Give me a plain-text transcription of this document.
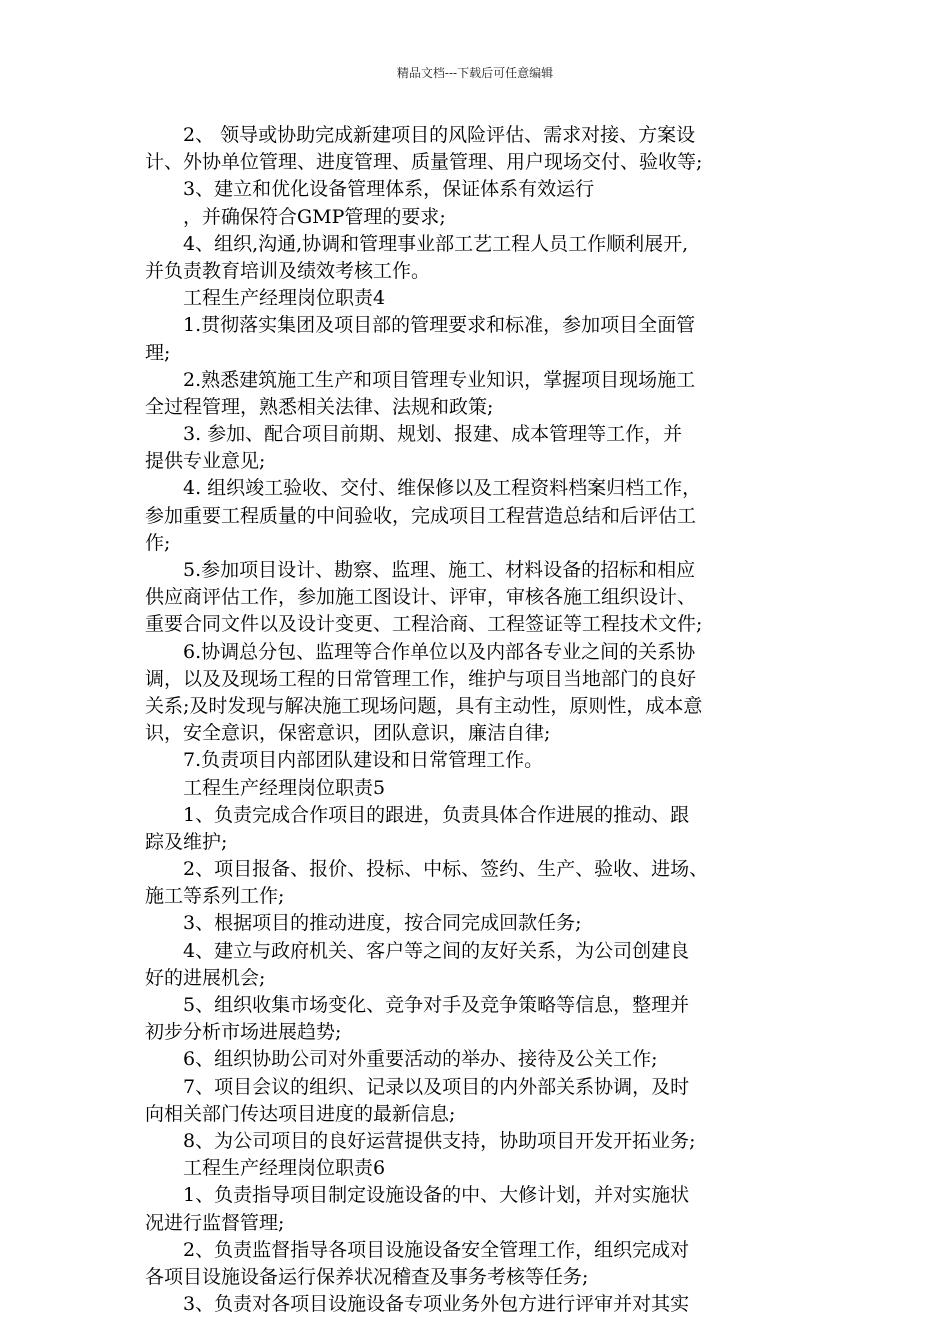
精品文档---下载后可任意编辑
　　2、 领导或协助完成新建项目的风险评估、需求对接、方案设
计、外协单位管理、进度管理、质量管理、用户现场交付、验收等;
　　3、建立和优化设备管理体系，保证体系有效运行
　　，并确保符合GMP管理的要求;
　　4、组织,沟通,协调和管理事业部工艺工程人员工作顺利展开,
并负责教育培训及绩效考核工作。
　　工程生产经理岗位职责4
　　1.贯彻落实集团及项目部的管理要求和标准，参加项目全面管
理;
　　2.熟悉建筑施工生产和项目管理专业知识，掌握项目现场施工
全过程管理，熟悉相关法律、法规和政策;
　　3. 参加、配合项目前期、规划、报建、成本管理等工作，并
提供专业意见;
　　4. 组织竣工验收、交付、维保修以及工程资料档案归档工作，
参加重要工程质量的中间验收，完成项目工程营造总结和后评估工
作;
　　5.参加项目设计、勘察、监理、施工、材料设备的招标和相应
供应商评估工作，参加施工图设计、评审，审核各施工组织设计、
重要合同文件以及设计变更、工程洽商、工程签证等工程技术文件;
　　6.协调总分包、监理等合作单位以及内部各专业之间的关系协
调，以及及现场工程的日常管理工作，维护与项目当地部门的良好
关系;及时发现与解决施工现场问题，具有主动性，原则性，成本意
识，安全意识，保密意识，团队意识，廉洁自律;
　　7.负责项目内部团队建设和日常管理工作。
　　工程生产经理岗位职责5
　　1、负责完成合作项目的跟进，负责具体合作进展的推动、跟
踪及维护;
　　2、项目报备、报价、投标、中标、签约、生产、验收、进场、
施工等系列工作;
　　3、根据项目的推动进度，按合同完成回款任务;
　　4、建立与政府机关、客户等之间的友好关系，为公司创建良
好的进展机会;
　　5、组织收集市场变化、竞争对手及竞争策略等信息，整理并
初步分析市场进展趋势;
　　6、组织协助公司对外重要活动的举办、接待及公关工作;
　　7、项目会议的组织、记录以及项目的内外部关系协调，及时
向相关部门传达项目进度的最新信息;
　　8、为公司项目的良好运营提供支持，协助项目开发开拓业务;
　　工程生产经理岗位职责6
　　1、负责指导项目制定设施设备的中、大修计划，并对实施状
况进行监督管理;
　　2、负责监督指导各项目设施设备安全管理工作，组织完成对
各项目设施设备运行保养状况稽查及事务考核等任务;
　　3、负责对各项目设施设备专项业务外包方进行评审并对其实
